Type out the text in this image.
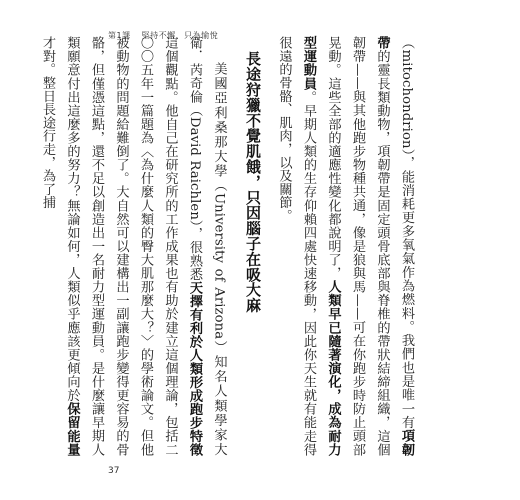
第1課 堅持不懈，只為愉悅

（mitochondrion），能消耗更多氧氣作為燃料。我們也是唯一有項韌帶的靈長類動物，項韌帶是固定頭骨底部與脊椎的帶狀結締組織，這個韌帶——與其他跑步物種共通，像是狼與馬——可在你跑步時防止頭部晃動。這些全部的適應性變化都說明了，人類早已隨著演化，成為耐力型運動員。早期人類的生存仰賴四處快速移動，因此你天生就有能走得很遠的骨骼、肌肉，以及關節。

長途狩獵不覺肌餓，只因腦子在吸大麻

美國亞利桑那大學（University of Arizona）知名人類學家大衛．芮奇倫（David Raichlen），很熟悉天擇有利於人類形成跑步特徵這個觀點。他自己在研究所的工作成果也有助於建立這個理論，包括二〇〇五年一篇題為〈為什麼人類的臀大肌那麼大？〉的學術論文。但他被動物的問題給難倒了。大自然可以建構出一副讓跑步變得更容易的骨骼，但僅憑這點，還不足以創造出一名耐力型運動員。是什麼讓早期人類願意付出這麼多的努力？無論如何，人類似乎應該更傾向於保留能量才對。整日長途行走，為了捕

37
